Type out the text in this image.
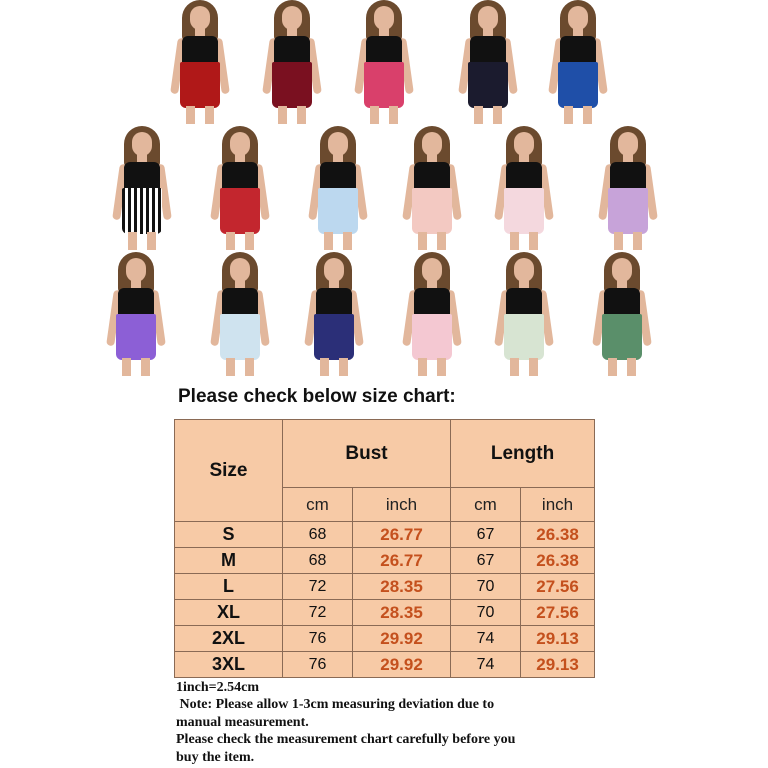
Please check below size chart:
Size	Bust		Length	
	cm	inch	cm	inch
S	68	26.77	67	26.38
M	68	26.77	67	26.38
L	72	28.35	70	27.56
XL	72	28.35	70	27.56
2XL	76	29.92	74	29.13
3XL	76	29.92	74	29.13
1inch=2.54cm
Note: Please allow 1-3cm measuring deviation due to
manual measurement.
Please check the measurement chart carefully before you
buy the item.
